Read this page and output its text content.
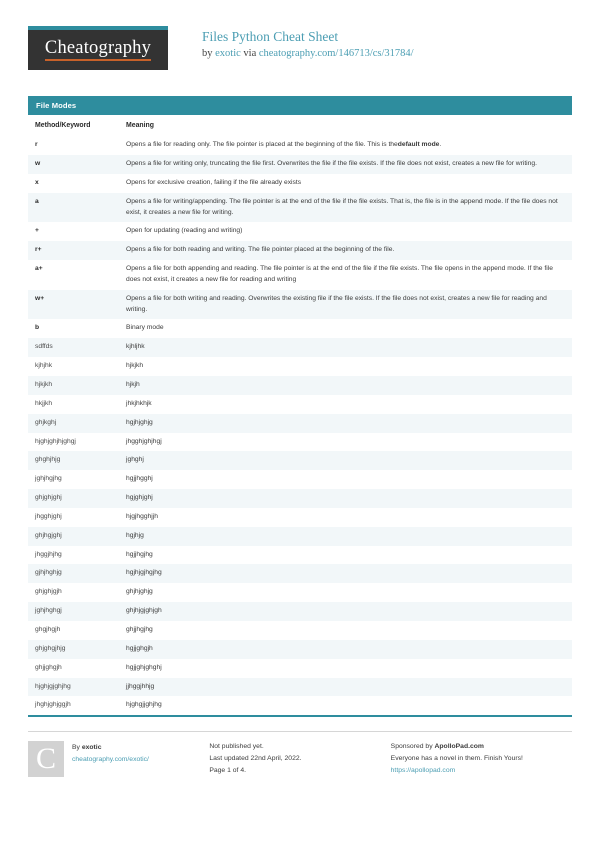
Cheatography
Files Python Cheat Sheet
by exotic via cheatography.com/146713/cs/31784/
File Modes
Method/Keyword	Meaning
r	Opens a file for reading only. The file pointer is placed at the beginning of the file. This is thedefault mode.
w	Opens a file for writing only, truncating the file first. Overwrites the file if the file exists. If the file does not exist, creates a new file for writing.
x	Opens for exclusive creation, failing if the file already exists
a	Opens a file for writing/appending. The file pointer is at the end of the file if the file exists. That is, the file is in the append mode. If the file does not exist, it creates a new file for writing.
+	Open for updating (reading and writing)
r+	Opens a file for both reading and writing. The file pointer placed at the beginning of the file.
a+	Opens a file for both appending and reading. The file pointer is at the end of the file if the file exists. The file opens in the append mode. If the file does not exist, it creates a new file for reading and writing
w+	Opens a file for both writing and reading. Overwrites the existing file if the file exists. If the file does not exist, creates a new file for reading and writing.
b	Binary mode
sdffds	kjhljhk
kjhjhk	hjkjkh
hjkjkh	hjkjh
hkjjkh	jhkjhkhjk
ghjkghj	hgjhjghjg
hjghjghjhjghgj	jhgghjghjhgj
ghghjhjg	jghghj
jghjhgjhg	hgjjhgghj
ghjghjghj	hgjghjghj
jhgghjghj	hjgjhgghjjh
ghjhgjghj	hgjhjg
jhggjhjhg	hgjjhgjhg
gjhjhghjg	hgjhjgjhgjhg
ghjghjgjh	ghjhjghjg
jghjhghgj	ghjhjgjghjgh
ghgjhgjh	ghjjhgjhg
ghjghgjhjg	hgjjghgjh
ghjjghgjh	hgjjghjghghj
hjghjgjghjhg	jjhggjhhjg
jhghjghjggjh	hjghgjjghjhg
C	By exotic
cheatography.com/exotic/
Not published yet.
Last updated 22nd April, 2022.
Page 1 of 4.
Sponsored by ApolloPad.com
Everyone has a novel in them. Finish Yours!
https://apollopad.com
